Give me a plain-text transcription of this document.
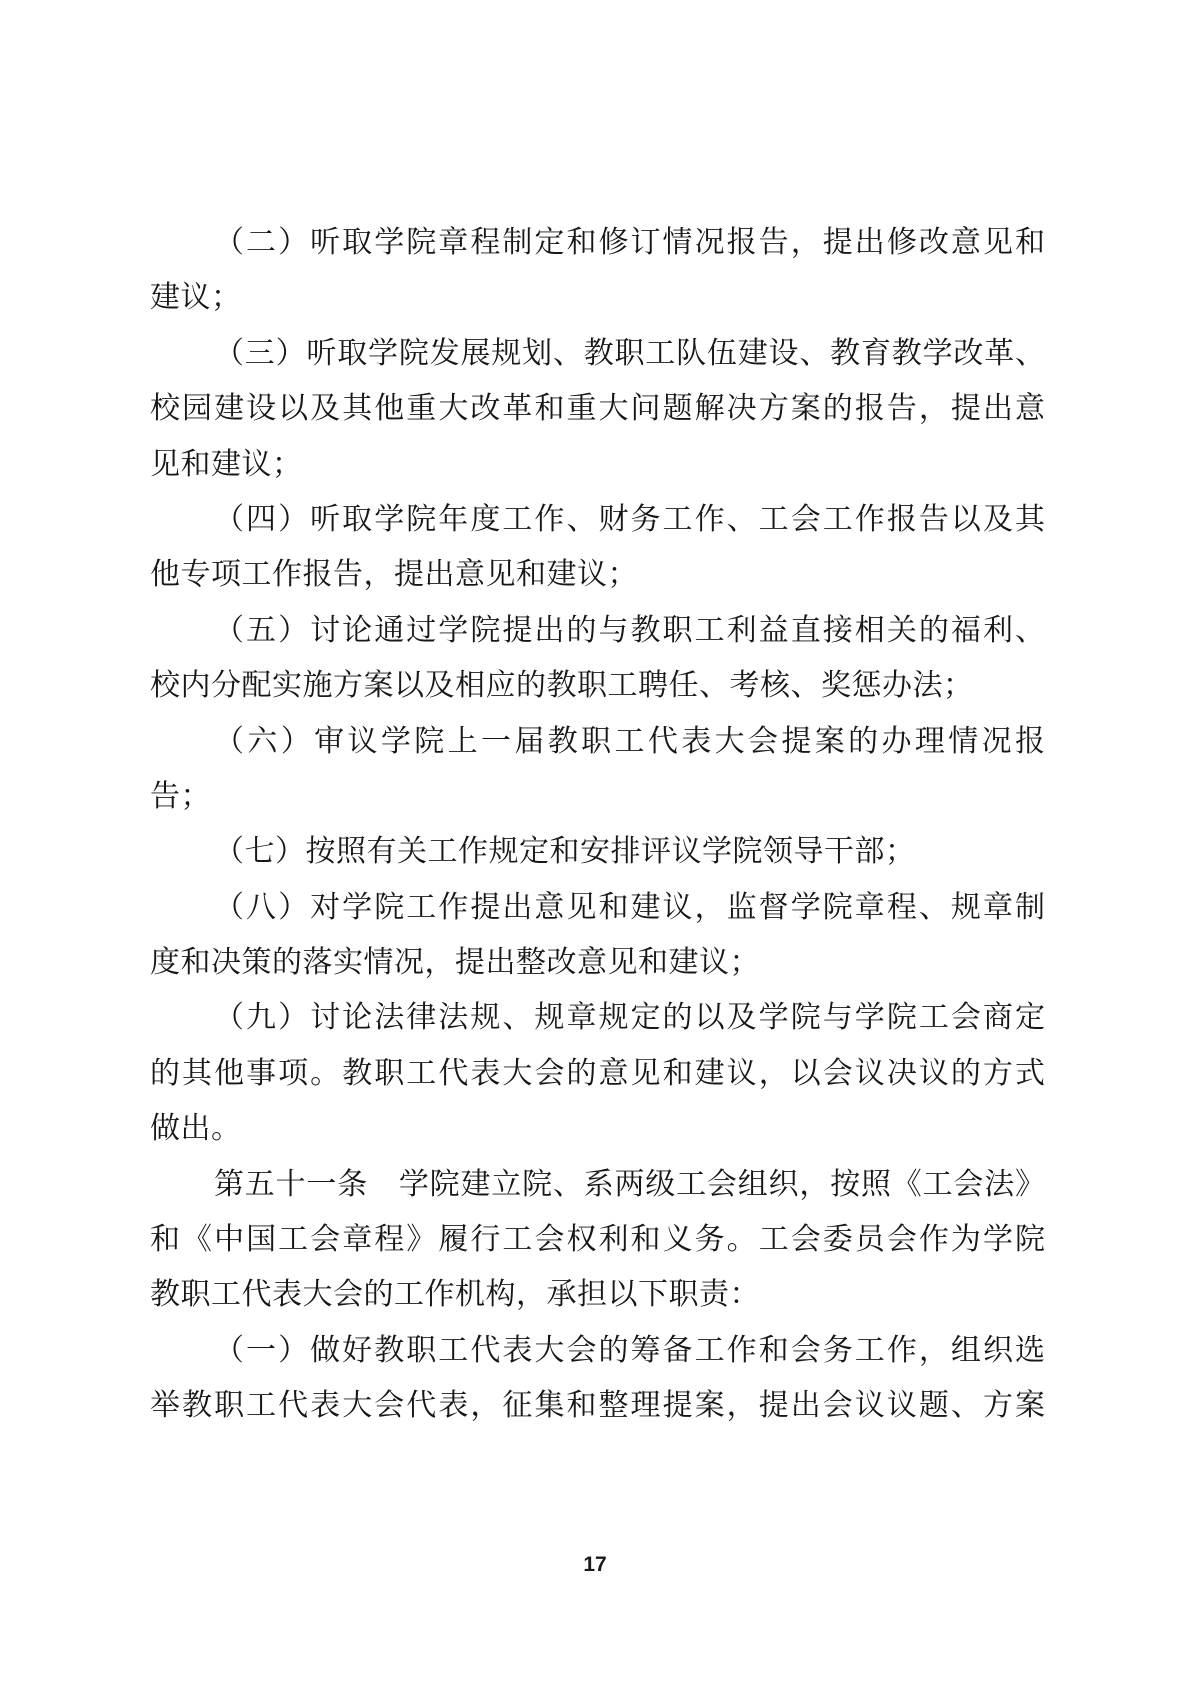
（二）听取学院章程制定和修订情况报告，提出修改意见和
建议；
（三）听取学院发展规划、教职工队伍建设、教育教学改革、
校园建设以及其他重大改革和重大问题解决方案的报告，提出意
见和建议；
（四）听取学院年度工作、财务工作、工会工作报告以及其
他专项工作报告，提出意见和建议；
（五）讨论通过学院提出的与教职工利益直接相关的福利、
校内分配实施方案以及相应的教职工聘任、考核、奖惩办法；
（六）审议学院上一届教职工代表大会提案的办理情况报
告；
（七）按照有关工作规定和安排评议学院领导干部；
（八）对学院工作提出意见和建议，监督学院章程、规章制
度和决策的落实情况，提出整改意见和建议；
（九）讨论法律法规、规章规定的以及学院与学院工会商定
的其他事项。教职工代表大会的意见和建议，以会议决议的方式
做出。
第五十一条　学院建立院、系两级工会组织，按照《工会法》
和《中国工会章程》履行工会权利和义务。工会委员会作为学院
教职工代表大会的工作机构，承担以下职责：
（一）做好教职工代表大会的筹备工作和会务工作，组织选
举教职工代表大会代表，征集和整理提案，提出会议议题、方案
17
